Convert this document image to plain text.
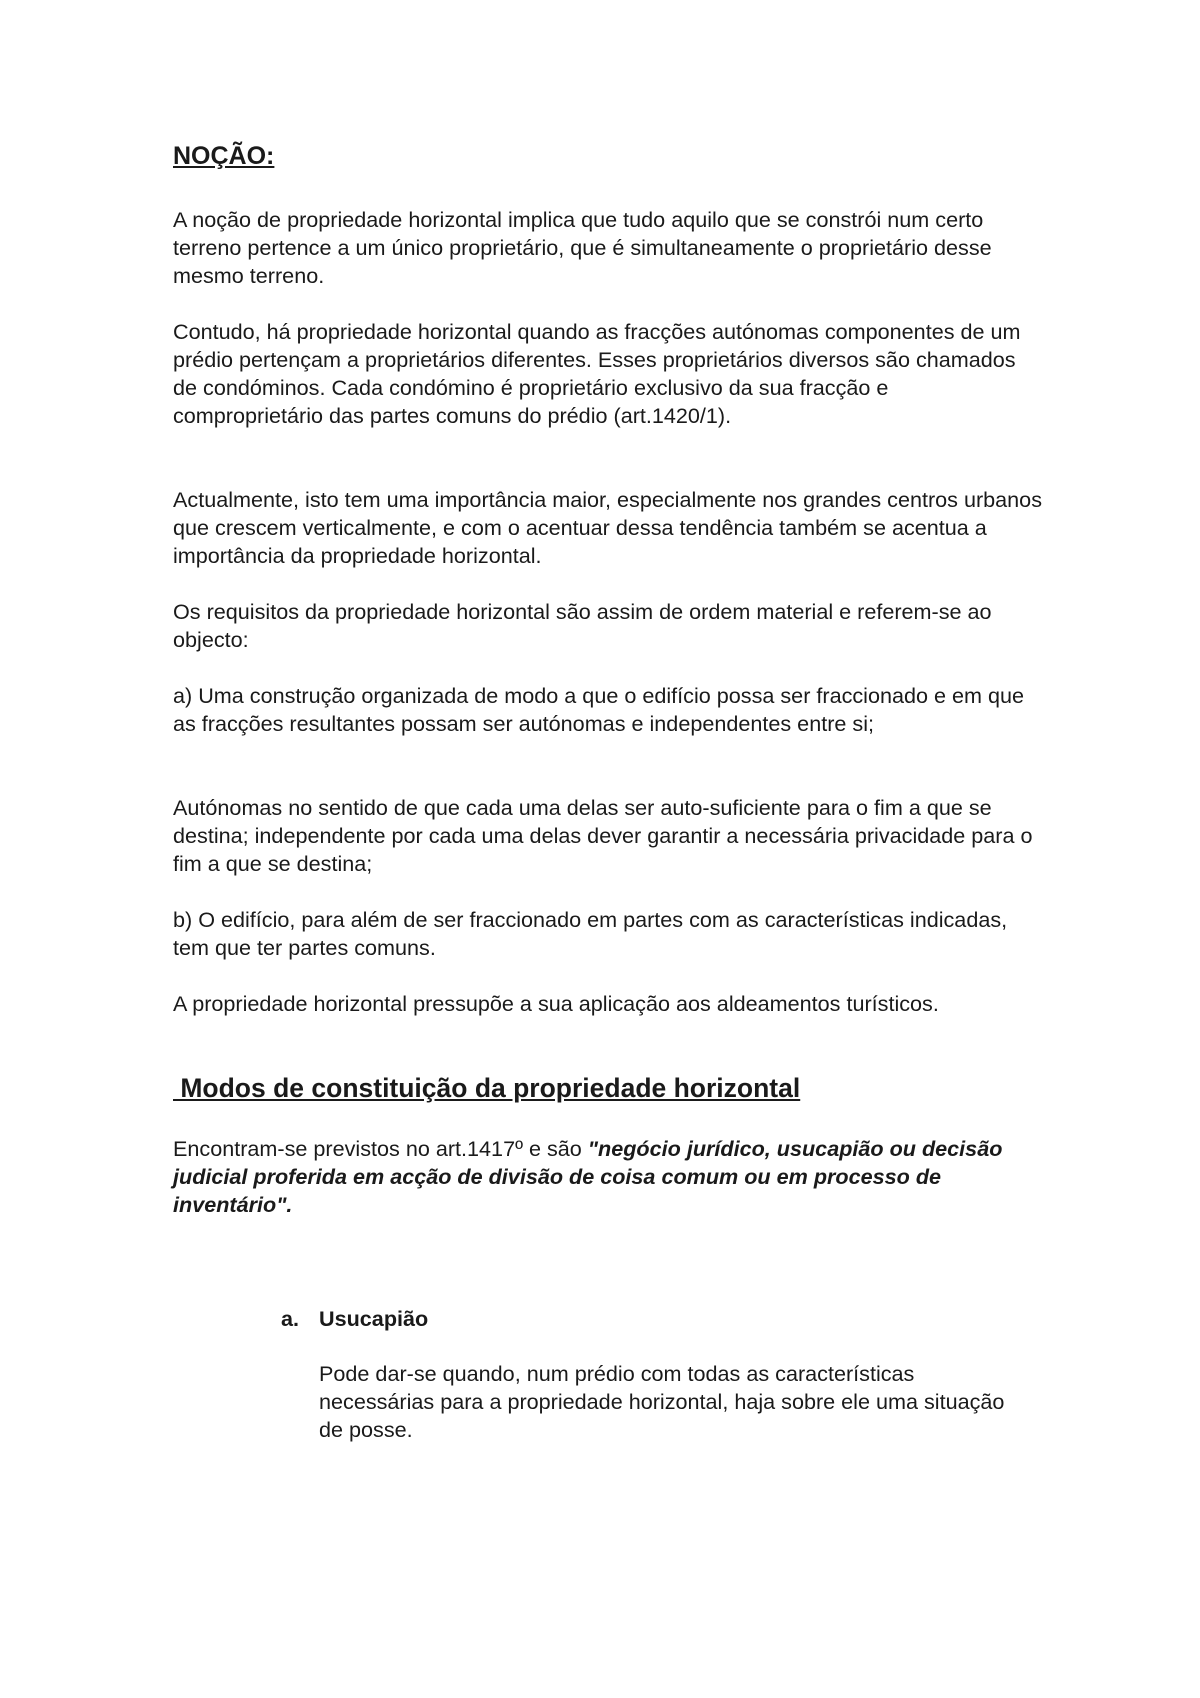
NOÇÃO:

A noção de propriedade horizontal implica que tudo aquilo que se constrói num certo terreno pertence a um único proprietário, que é simultaneamente o proprietário desse mesmo terreno.

Contudo, há propriedade horizontal quando as fracções autónomas componentes de um prédio pertençam a proprietários diferentes. Esses proprietários diversos são chamados de condóminos. Cada condómino é proprietário exclusivo da sua fracção e comproprietário das partes comuns do prédio (art.1420/1).

Actualmente, isto tem uma importância maior, especialmente nos grandes centros urbanos que crescem verticalmente, e com o acentuar dessa tendência também se acentua a importância da propriedade horizontal.

Os requisitos da propriedade horizontal são assim de ordem material e referem-se ao objecto:

a) Uma construção organizada de modo a que o edifício possa ser fraccionado e em que as fracções resultantes possam ser autónomas e independentes entre si;

Autónomas no sentido de que cada uma delas ser auto-suficiente para o fim a que se destina; independente por cada uma delas dever garantir a necessária privacidade para o fim a que se destina;

b) O edifício, para além de ser fraccionado em partes com as características indicadas, tem que ter partes comuns.

A propriedade horizontal pressupõe a sua aplicação aos aldeamentos turísticos.

Modos de constituição da propriedade horizontal

Encontram-se previstos no art.1417º e são "negócio jurídico, usucapião ou decisão judicial proferida em acção de divisão de coisa comum ou em processo de inventário".

a. Usucapião

Pode dar-se quando, num prédio com todas as características necessárias para a propriedade horizontal, haja sobre ele uma situação de posse.
